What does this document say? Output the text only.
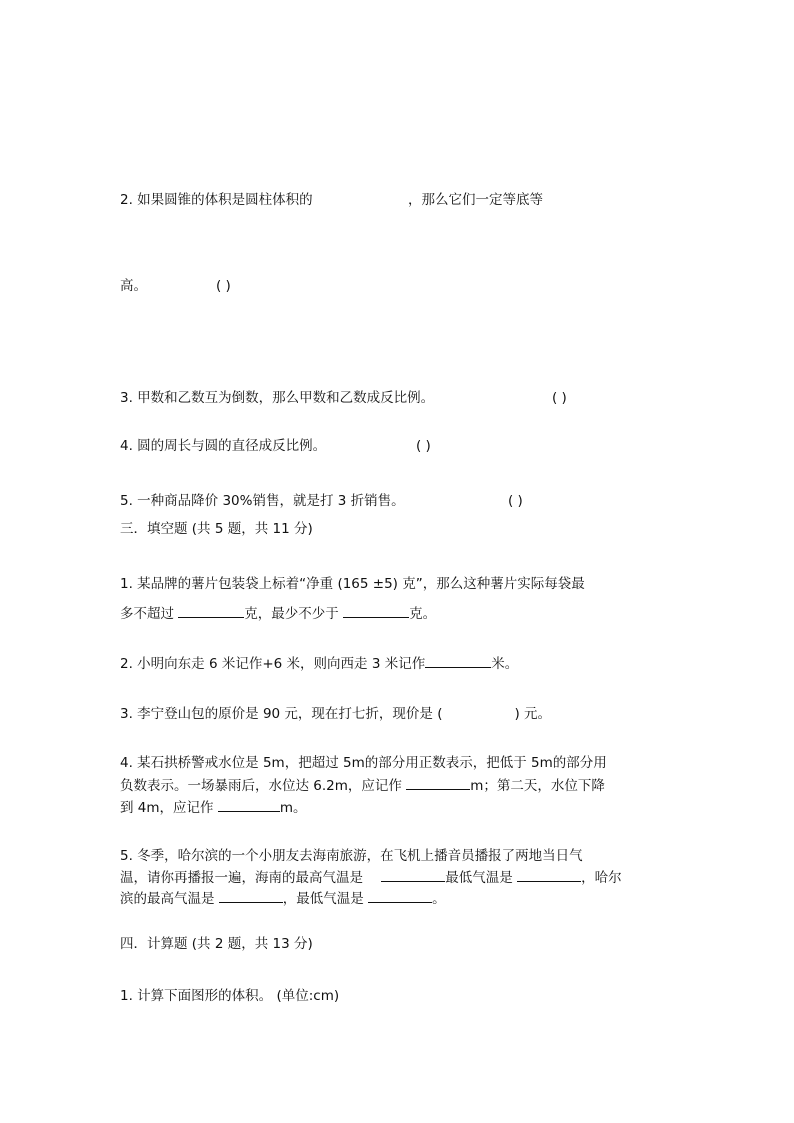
2. 如果圆锥的体积是圆柱体积的	，那么它们一定等底等
高。	( )
3. 甲数和乙数互为倒数，那么甲数和乙数成反比例。	( )
4. 圆的周长与圆的直径成反比例。	( )
5. 一种商品降价 30%销售，就是打 3 折销售。	( )
三．填空题 (共 5 题，共 11 分)
1. 某品牌的薯片包装袋上标着“净重 (165 ±5) 克”，那么这种薯片实际每袋最
多不超过	克，最少不少于	克。
2. 小明向东走 6 米记作+6 米，则向西走 3 米记作	米。
3. 李宁登山包的原价是 90 元，现在打七折，现价是 (	) 元。
4. 某石拱桥警戒水位是 5m，把超过 5m的部分用正数表示，把低于 5m的部分用
负数表示。一场暴雨后，水位达 6.2m，应记作	m；第二天，水位下降
到 4m，应记作	m。
5. 冬季，哈尔滨的一个小朋友去海南旅游，在飞机上播音员播报了两地当日气
温，请你再播报一遍，海南的最高气温是	最低气温是	，哈尔
滨的最高气温是	，最低气温是	。
四．计算题 (共 2 题，共 13 分)
1. 计算下面图形的体积。 (单位:cm)
